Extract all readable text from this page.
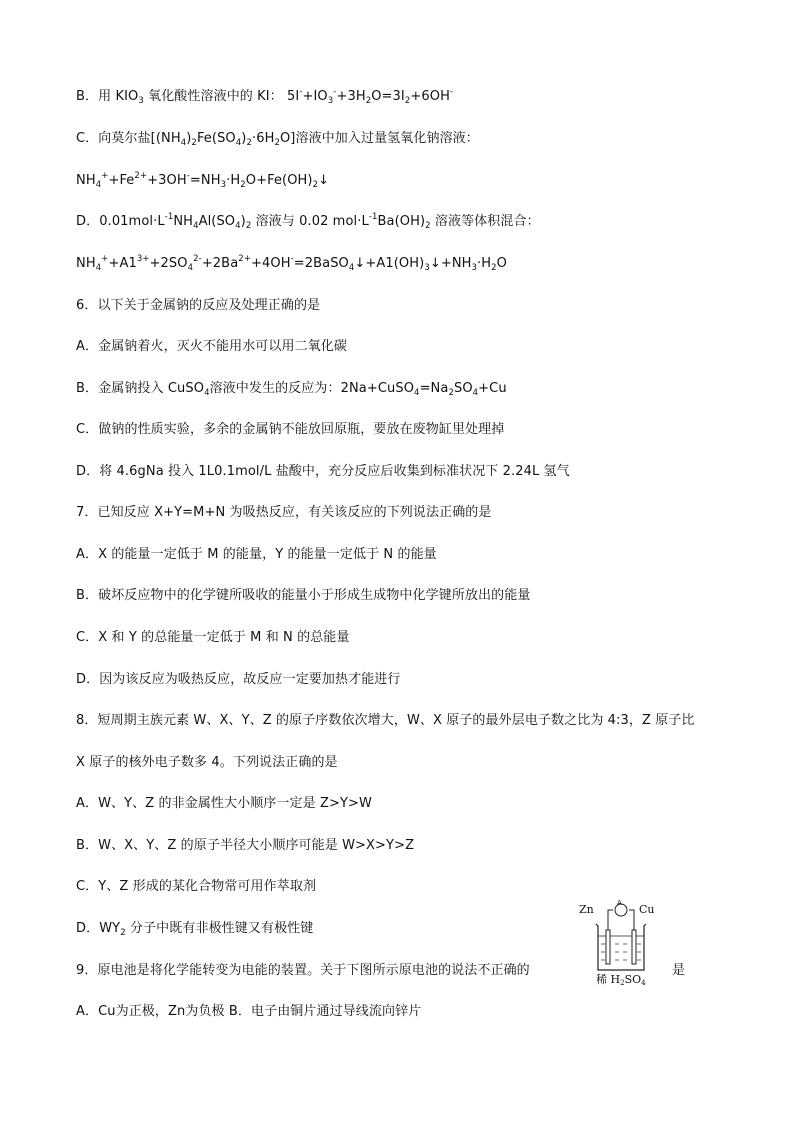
B．用 $KIO_3$ 氧化酸性溶液中的 KI： $5I^-+IO_3^-+3H_2O=3I_2+6OH^-$
C．向莫尔盐$[(NH_4)_2Fe(SO_4)_2\cdot 6H_2O]$溶液中加入过量氢氧化钠溶液：
$NH_4^++Fe^{2+}+3OH^-=NH_3\cdot H_2O+Fe(OH)_2↓$
D．$0.01mol\cdot L^{-1}NH_4Al(SO_4)_2$ 溶液与 0.02 $mol\cdot L^{-1}Ba(OH)_2$ 溶液等体积混合：
$NH_4^++A1^{3+}+2SO_4^{2-}+2Ba^{2+}+4OH^-=2BaSO_4↓+A1(OH)_3↓+NH_3\cdot H_2O$
6．以下关于金属钠的反应及处理正确的是
A．金属钠着火，灭火不能用水可以用二氧化碳
B．金属钠投入 CuSO$_4$溶液中发生的反应为：$2Na+CuSO_4=Na_2SO_4+Cu$
C．做钠的性质实验，多余的金属钠不能放回原瓶，要放在废物缸里处理掉
D．将 4.6gNa 投入 1L0.1mol/L 盐酸中，充分反应后收集到标准状况下 2.24L 氢气
7．已知反应 X+Y=M+N 为吸热反应，有关该反应的下列说法正确的是
A．X 的能量一定低于 M 的能量，Y 的能量一定低于 N 的能量
B．破坏反应物中的化学键所吸收的能量小于形成生成物中化学键所放出的能量
C．X 和 Y 的总能量一定低于 M 和 N 的总能量
D．因为该反应为吸热反应，故反应一定要加热才能进行
8．短周期主族元素 W、X、Y、Z 的原子序数依次增大，W、X 原子的最外层电子数之比为 4:3，Z 原子比
X 原子的核外电子数多 4。下列说法正确的是
A．W、Y、Z 的非金属性大小顺序一定是 Z>Y>W
B．W、X、Y、Z 的原子半径大小顺序可能是 W>X>Y>Z
C．Y、Z 形成的某化合物常可用作萃取剂
D．$WY_2$ 分子中既有非极性键又有极性键
9．原电池是将化学能转变为电能的装置。关于下图所示原电池的说法不正确的	是
A．Cu为正极，Zn为负极 B．电子由铜片通过导线流向锌片
Zn	Cu
A
稀 $H_2SO_4$
